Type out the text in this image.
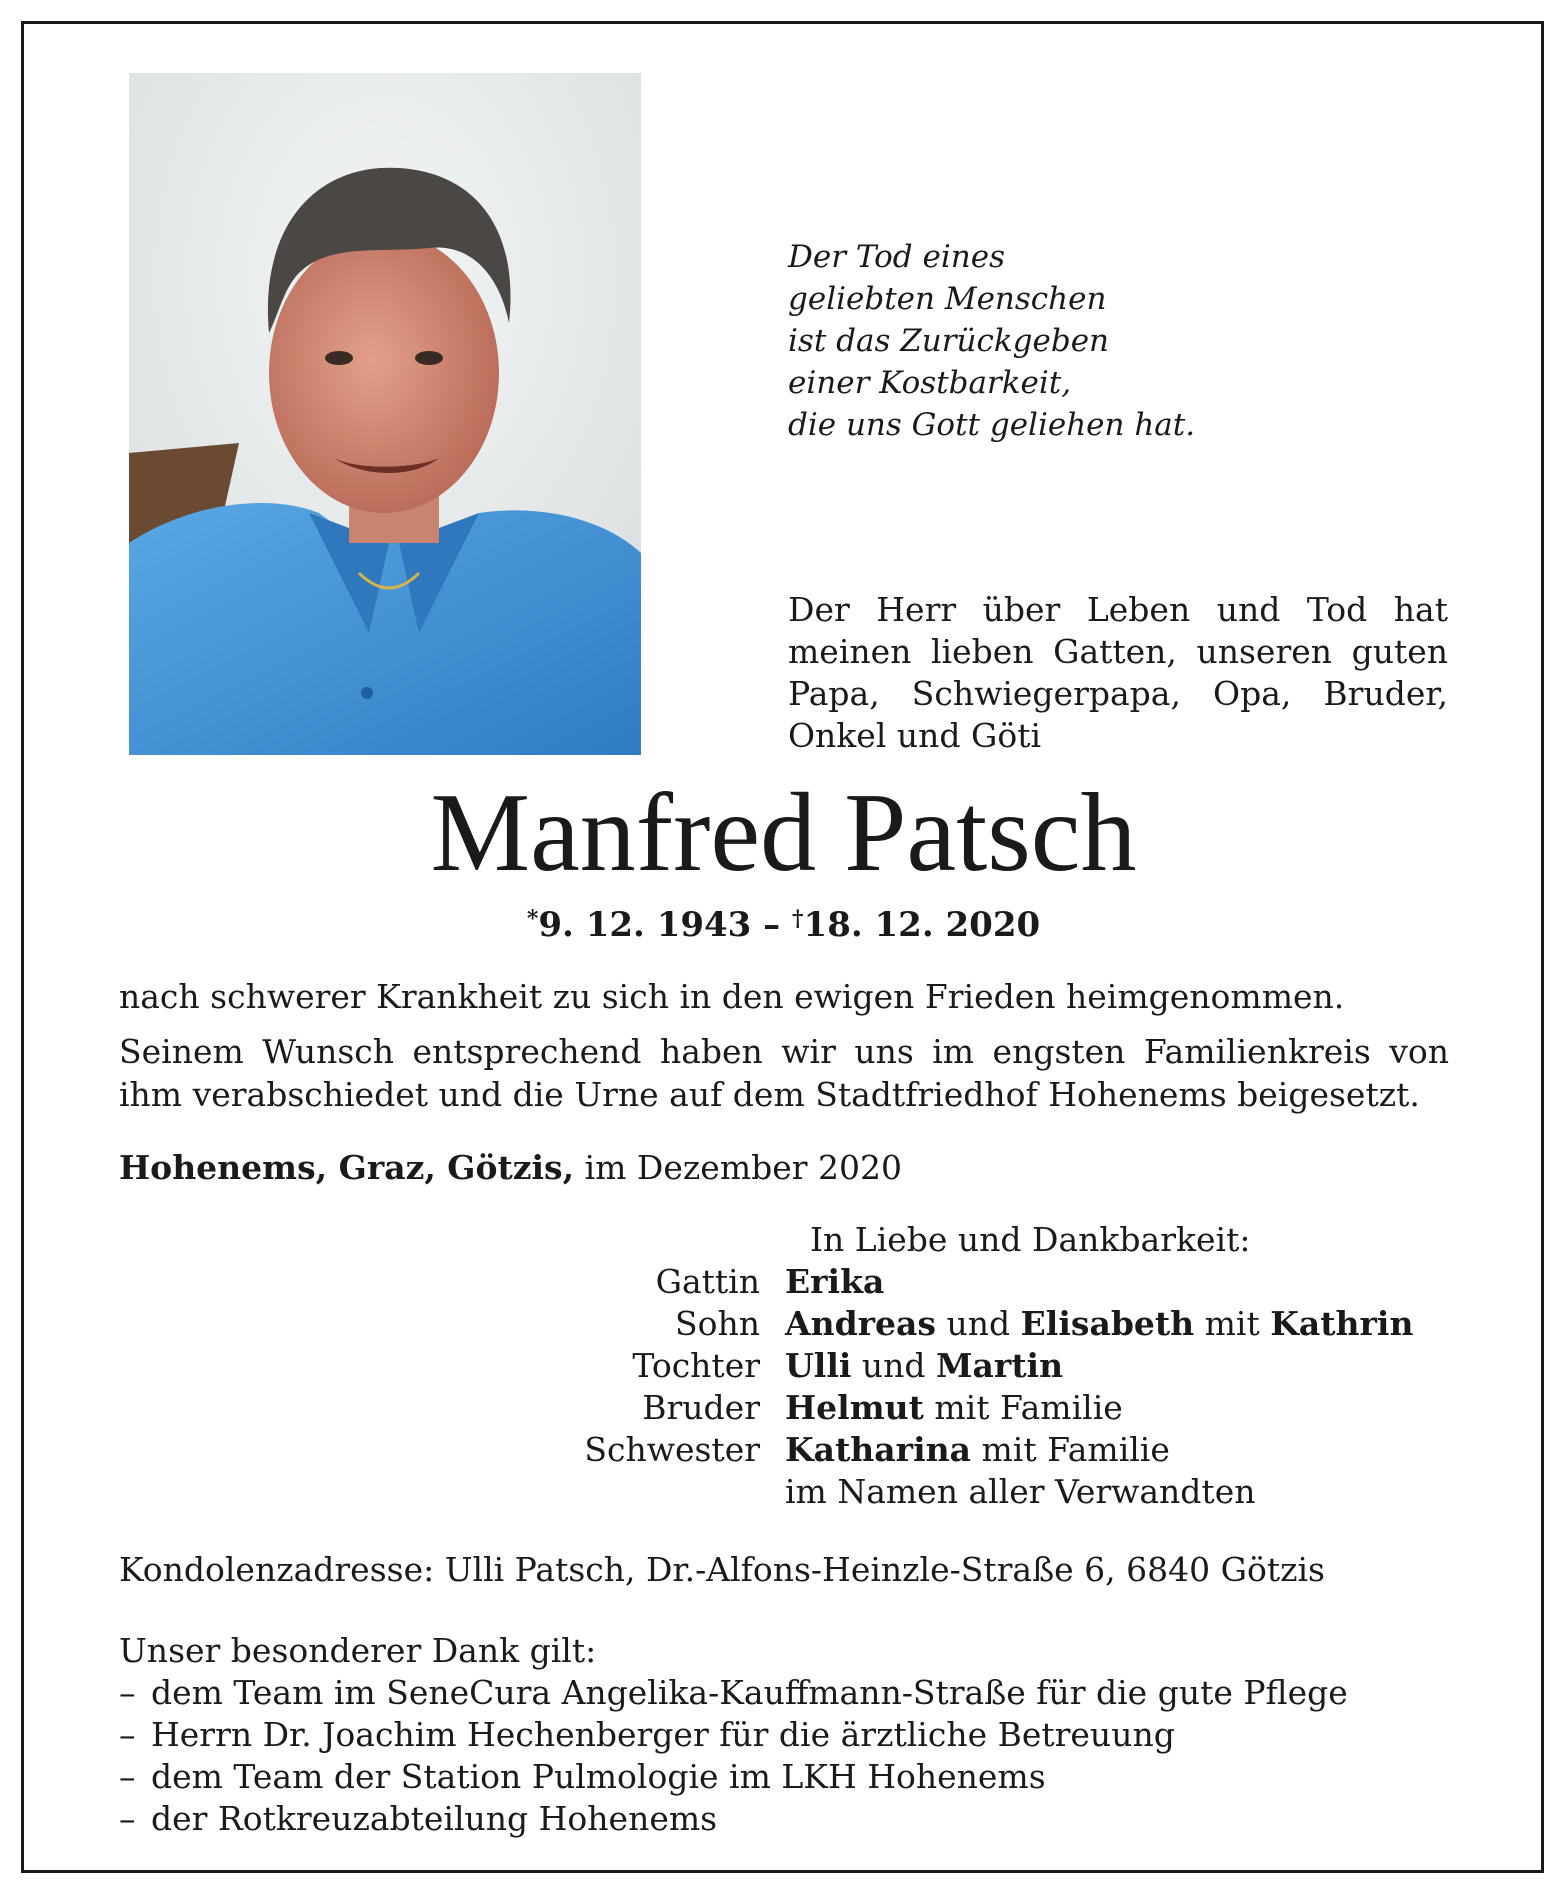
Der Tod eines
geliebten Menschen
ist das Zurückgeben
einer Kostbarkeit,
die uns Gott geliehen hat.
Der Herr über Leben und Tod hat
meinen lieben Gatten, unseren guten
Papa, Schwiegerpapa, Opa, Bruder,
Onkel und Göti
Manfred Patsch
*9. 12. 1943 – †18. 12. 2020
nach schwerer Krankheit zu sich in den ewigen Frieden heimgenommen.
Seinem Wunsch entsprechend haben wir uns im engsten Familienkreis von
ihm verabschiedet und die Urne auf dem Stadtfriedhof Hohenems beigesetzt.
Hohenems, Graz, Götzis, im Dezember 2020
In Liebe und Dankbarkeit:
Gattin Erika
Sohn Andreas und Elisabeth mit Kathrin
Tochter Ulli und Martin
Bruder Helmut mit Familie
Schwester Katharina mit Familie
im Namen aller Verwandten
Kondolenzadresse: Ulli Patsch, Dr.-Alfons-Heinzle-Straße 6, 6840 Götzis
Unser besonderer Dank gilt:
– dem Team im SeneCura Angelika-Kauffmann-Straße für die gute Pflege
– Herrn Dr. Joachim Hechenberger für die ärztliche Betreuung
– dem Team der Station Pulmologie im LKH Hohenems
– der Rotkreuzabteilung Hohenems
